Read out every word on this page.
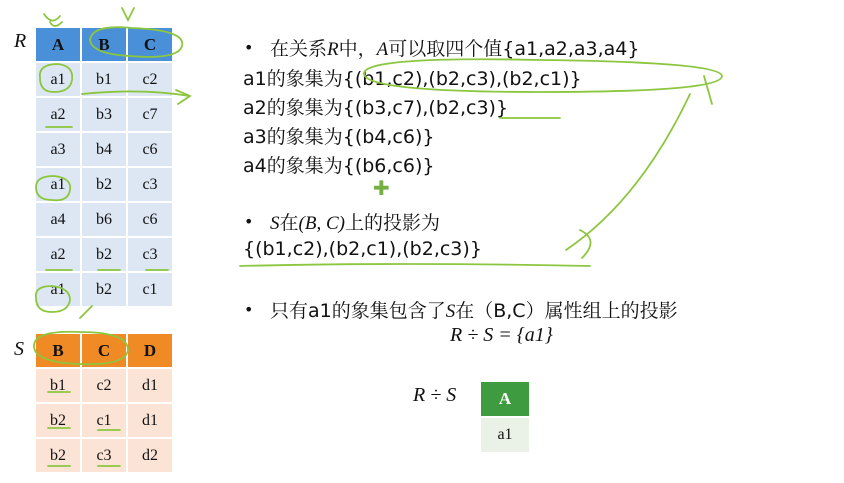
R A	B	C
a1	b1	c2
a2	b3	c7
a3	b4	c6
a1	b2	c3
a4	b6	c6
a2	b2	c3
a1	b2	c1
S B	C	D
b1	c2	d1
b2	c1	d1
b2	c3	d2
• 在关系R中，A可以取四个值{a1,a2,a3,a4}
a1的象集为{(b1,c2),(b2,c3),(b2,c1)}
a2的象集为{(b3,c7),(b2,c3)}
a3的象集为{(b4,c6)}
a4的象集为{(b6,c6)}
✚
• S在(B, C)上的投影为
{(b1,c2),(b2,c1),(b2,c3)}
• 只有a1的象集包含了S在（B,C）属性组上的投影
R ÷ S = {a1}
R ÷ S	A
a1
